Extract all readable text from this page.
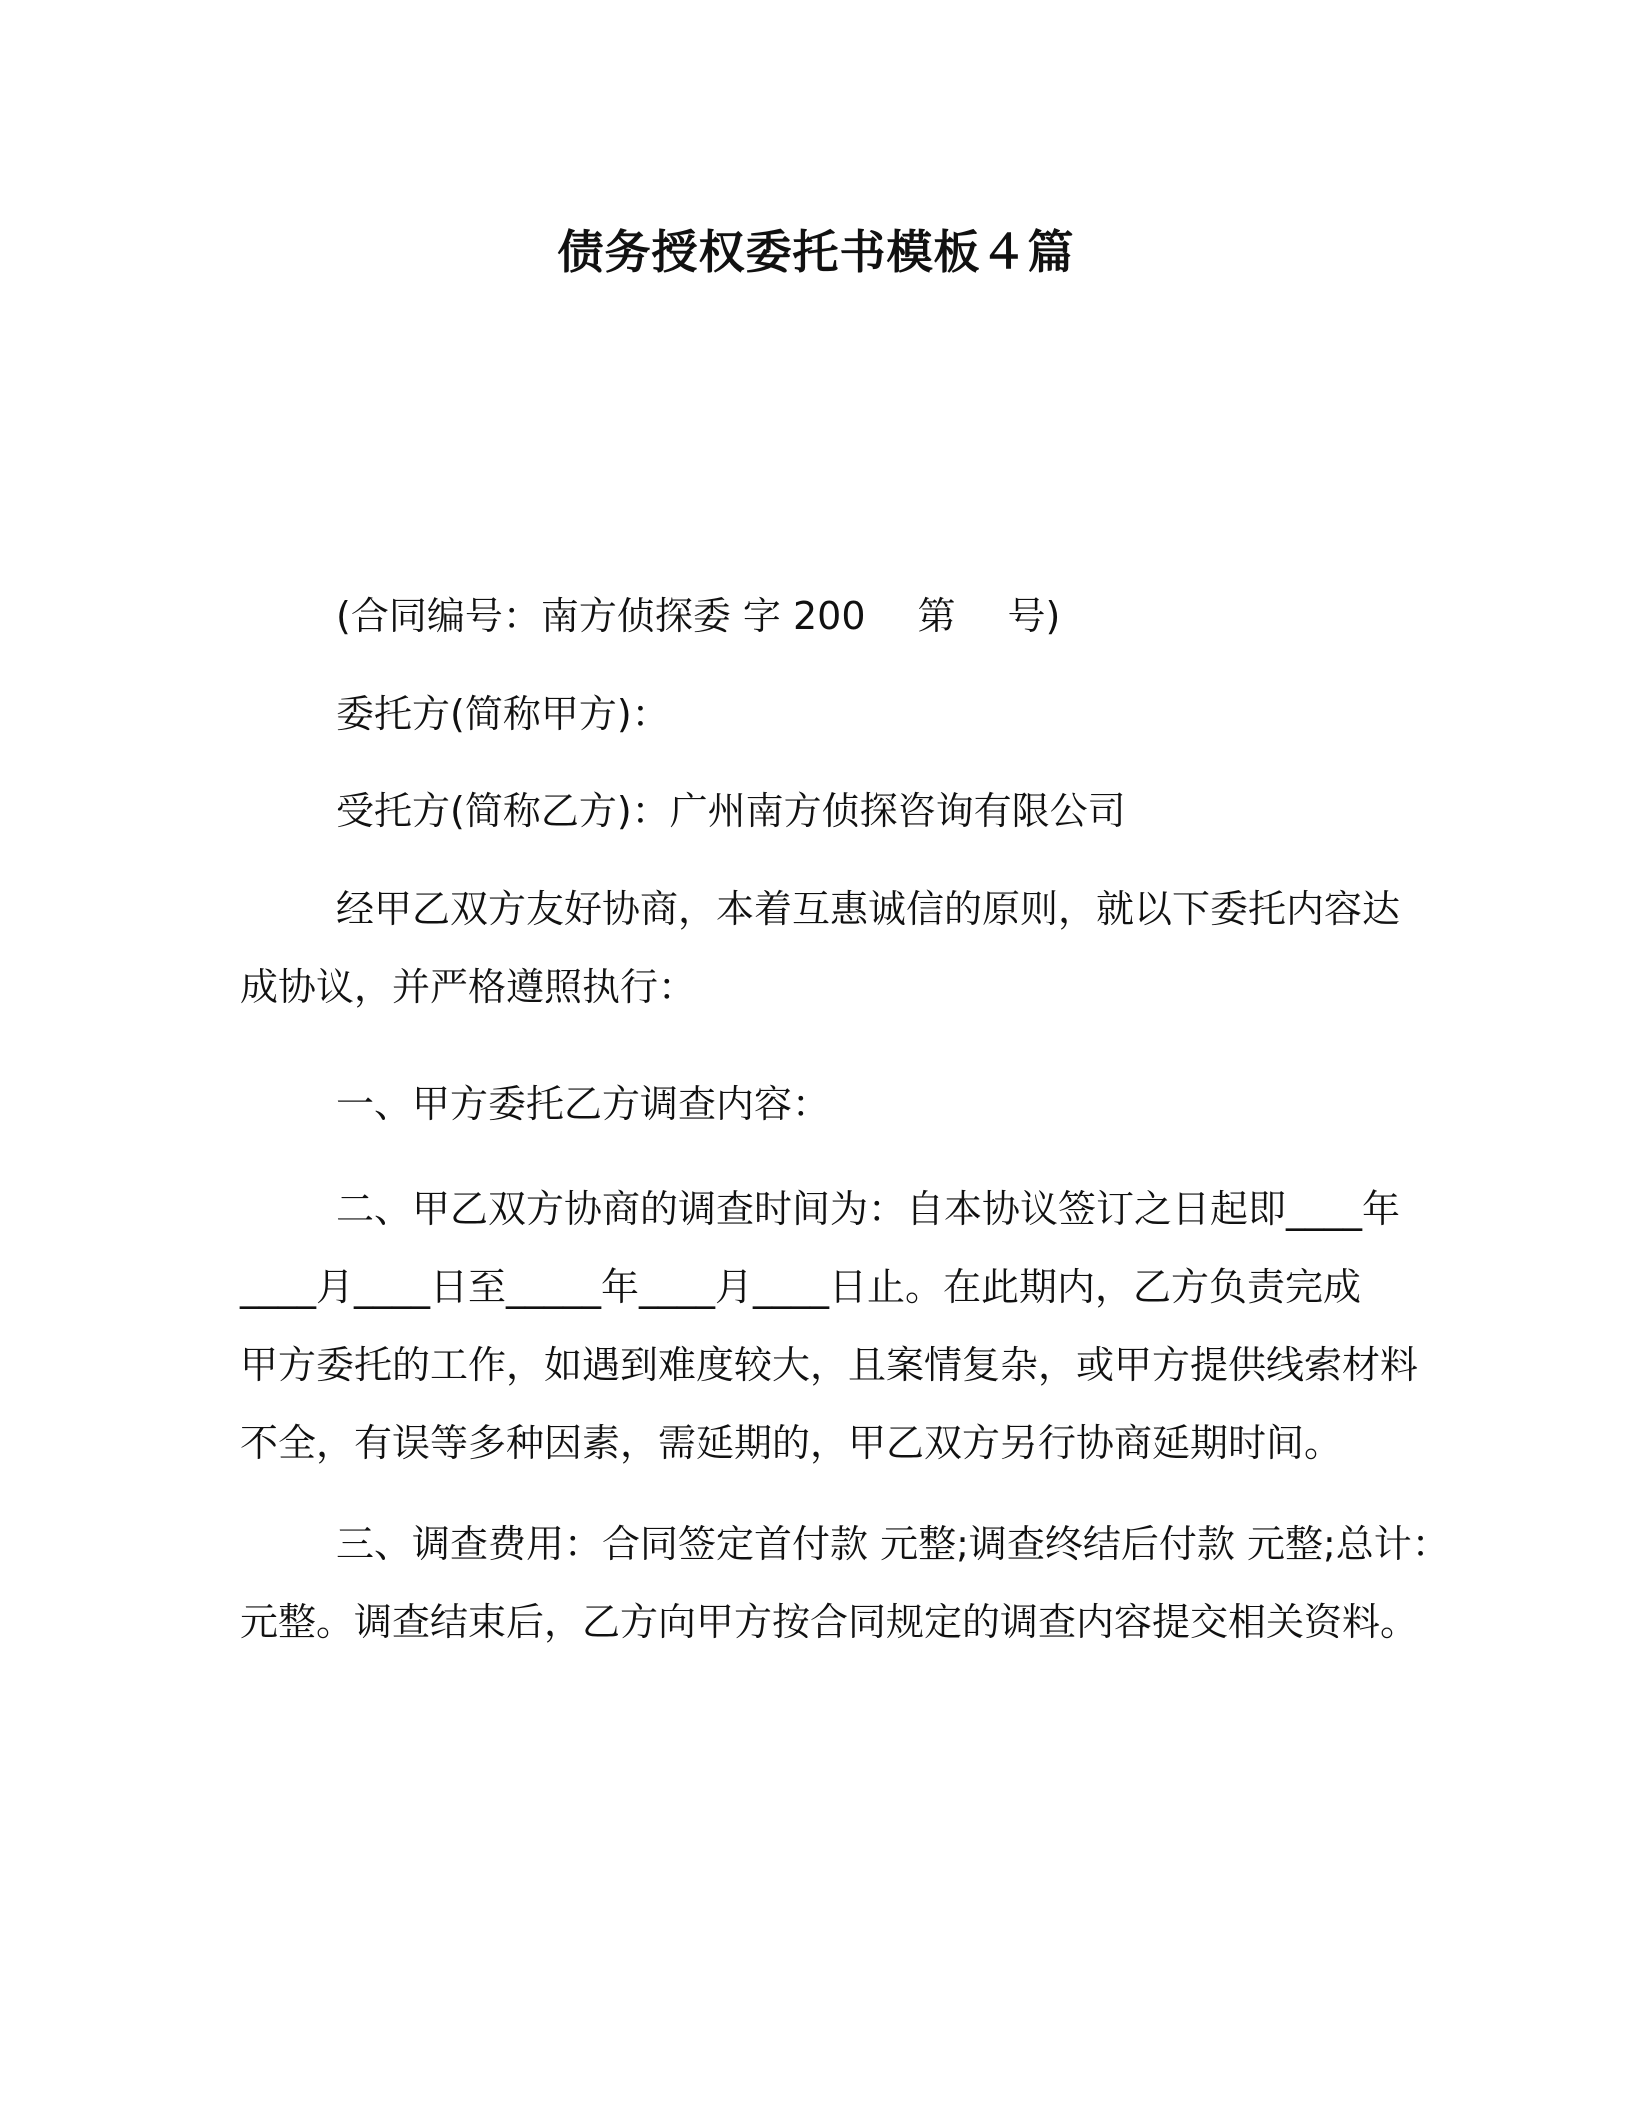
债务授权委托书模板４篇

(合同编号：南方侦探委 字 200 第 号)

委托方(简称甲方)：

受托方(简称乙方)：广州南方侦探咨询有限公司

经甲乙双方友好协商，本着互惠诚信的原则，就以下委托内容达
成协议，并严格遵照执行：

一、甲方委托乙方调查内容：

二、甲乙双方协商的调查时间为：自本协议签订之日起即____年
____月____日至_____年____月____日止。在此期内，乙方负责完成
甲方委托的工作，如遇到难度较大，且案情复杂，或甲方提供线索材料
不全，有误等多种因素，需延期的，甲乙双方另行协商延期时间。

三、调查费用：合同签定首付款 元整;调查终结后付款 元整;总计：
元整。调查结束后，乙方向甲方按合同规定的调查内容提交相关资料。
